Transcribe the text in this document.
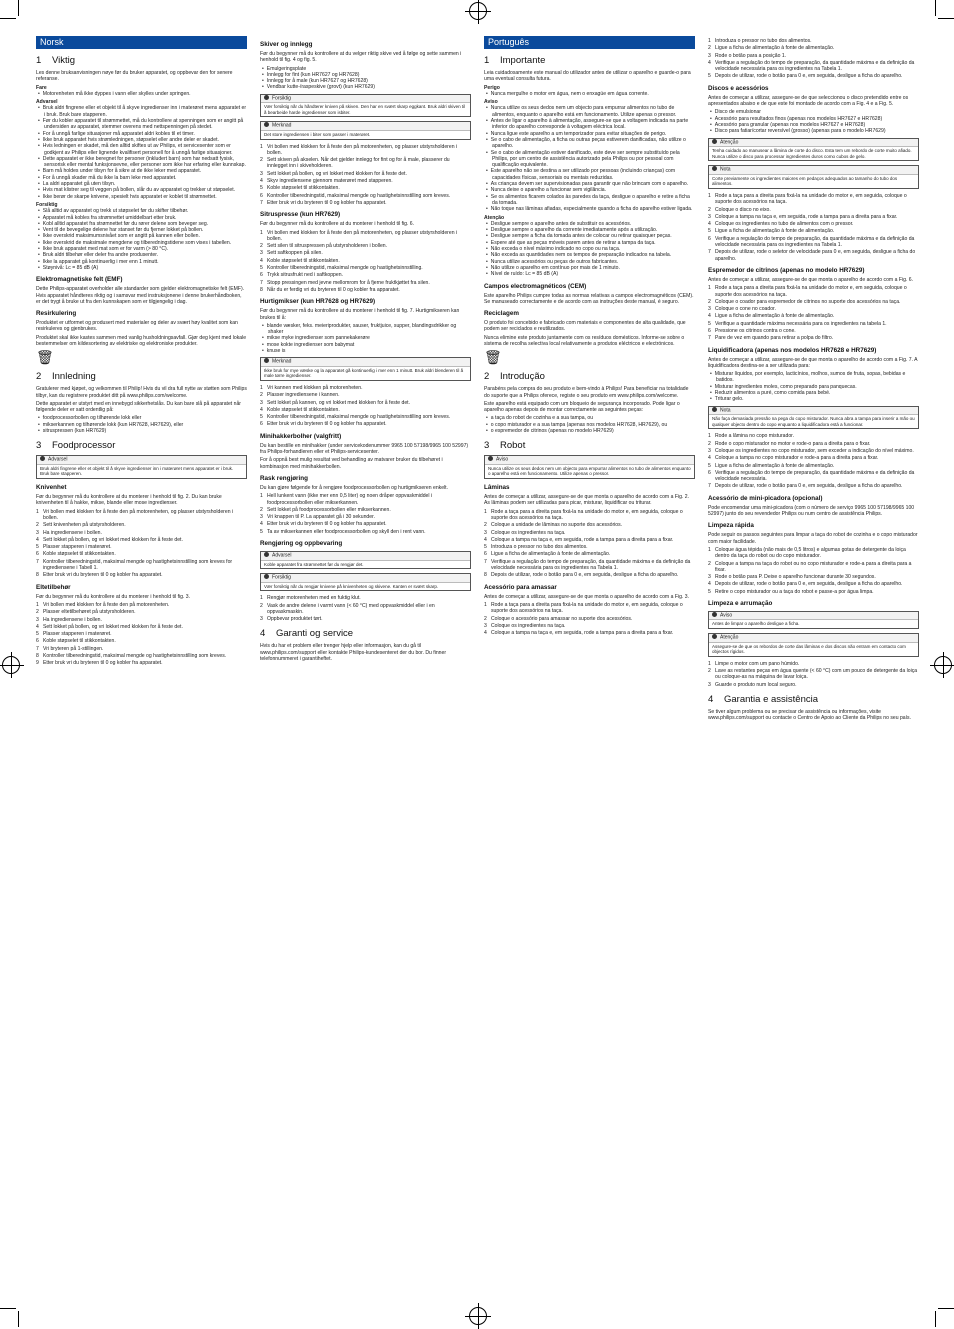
Norsk
1 Viktig

Les denne bruksanvisningen nøye før du bruker apparatet, og oppbevar den for senere referanse.

Fare
• Motorenheten må ikke dyppes i vann eller skylles under springen.
Advarsel
• Bruk aldri fingrene eller et objekt til å skyve ingredienser inn i materøret mens apparatet er i bruk. Bruk bare stapperen.
• Før du kobler apparatet til strømmettet, må du kontrollere at spenningen som er angitt på undersiden av apparatet, stemmer overens med nettspenningen på stedet.
• For å unngå farlige situasjoner må apparatet aldri kobles til et timer.
• Ikke bruk apparatet hvis strømledningen, støpselet eller andre deler er skadet.
• Hvis ledningen er skadet, må den alltid skiftes ut av Philips, et servicesenter som er godkjent av Philips eller lignende kvalifisert personell for å unngå farlige situasjoner.
• Dette apparatet er ikke beregnet for personer (inkludert barn) som har nedsatt fysisk, sensorisk eller mental funksjonsevne, eller personer som ikke har erfaring eller kunnskap.
• Barn må holdes under tilsyn for å sikre at de ikke leker med apparatet.
• For å unngå skader må du ikke la barn leke med apparatet.
• La aldri apparatet gå uten tilsyn.
• Hvis mat klistrer seg til veggen på bollen, slår du av apparatet og trekker ut støpselet.
• Ikke berør de skarpe knivene, spesielt hvis apparatet er koblet til strømnettet.
Forsiktig
• Slå alltid av apparatet og trekk ut støpselet før du skifter tilbehør.
• Apparatet må kobles fra strømnettet umiddelbart etter bruk.
• Kobl alltid apparatet fra strømnettet før du rører delene som beveger seg.
• Vent til de bevegelige delene har stanset før du fjerner lokket på bollen.
• Ikke overskrid maksimumsnivået som er angitt på kannen eller bollen.
• Ikke overskrid de maksimale mengdene og tilberedningstidene som vises i tabellen.
• Ikke bruk apparatet med mat som er for varm (> 80 °C).
• Bruk aldri tilbehør eller deler fra andre produsenter.
• Ikke la apparatet gå kontinuerlig i mer enn 1 minutt.
• Støynivå: Lc = 85 dB (A)
Elektromagnetiske felt (EMF)

Dette Philips-apparatet overholder alle standarder som gjelder elektromagnetiske felt (EMF). Hvis apparatet håndteres riktig og i samsvar med instruksjonene i denne brukerhåndboken, er det trygt å bruke ut fra den kunnskapen som er tilgjengelig i dag.

Resirkulering

Produktet er utformet og produsert med materialer og deler av svært høy kvalitet som kan resirkuleres og gjenbrukes.

Produktet skal ikke kastes sammen med vanlig husholdningsavfall. Gjør deg kjent med lokale bestemmelser om kildesortering av elektriske og elektroniske produkter.

🗑
2 Innledning

Gratulerer med kjøpet, og velkommen til Philip! Hvis du vil dra full nytte av støtten som Philips tilbyr, kan du registrere produktet ditt på www.philips.com/welcome.

Dette apparatet er utstyrt med en innebygd sikkerhetslås. Du kan bare slå på apparatet når følgende deler er satt ordentlig på:

• foodprocessorbollen og tilhørende lokk eller
• mikserkannen og tilhørende lokk (kun HR7628, HR7629), eller
• sitruspressen (kun HR7629)
3 Foodprocessor
Advarsel
Bruk aldri fingrene eller et objekt til å skyve ingredienser inn i materøret mens apparatet er i bruk. Bruk bare stapperen.
Knivenhet

Før du begynner må du kontrollere at du monterer i henhold til fig. 2. Du kan bruke knivenheten til å hakke, mikse, blande eller mose ingredienser.

1 Vri bollen med klokken for å feste den på motorenheten, og plasser utstyrsholderen i bollen.
2 Sett knivenheten på utstyrsholderen.
3 Ha ingrediensene i bollen.
4 Sett lokket på bollen, og vri lokket med klokken for å feste det.
5 Plasser stapperen i materøret.
6 Koble støpselet til stikkontakten.
7 Kontroller tilberedningstid, maksimal mengde og hastighetsinnstilling som kreves for ingrediensene i Tabell 1.
8 Etter bruk vri du bryteren til 0 og kobler fra apparatet.
Eltetilbehør

Før du begynner må du kontrollere at du monterer i henhold til fig. 3.

1 Vri bollen med klokken for å feste den på motorenheten.
2 Plasser eltetilbehøret på utstyrsholderen.
3 Ha ingrediensene i bollen.
4 Sett lokket på bollen, og vri lokket med klokken for å feste det.
5 Plasser stapperen i materøret.
6 Koble støpselet til stikkontakten.
7 Vri bryteren på 1-stillingen.
8 Kontroller tilberedningstid, maksimal mengde og hastighetsinnstilling som kreves.
9 Etter bruk vri du bryteren til 0 og kobler fra apparatet.
Skiver og innlegg

Før du begynner må du kontrollere at du velger riktig skive ved å følge og sette sammen i henhold til fig. 4 og fig. 5.

• Emulgeringsplate
• Innlegg for fint (kun HR7627 og HR7628)
• Innlegg for å male (kun HR7627 og HR7628)
• Vendbar kutte-/raspeskive (grovt) (kun HR7629)
Forsiktig
Vær forsiktig når du håndterer kniven på skiven. Den har en svært skarp eggkant. Bruk aldri skiven til å bearbeide harde ingredienser som isbiter.
Merknad
Det store ingrediensen i biter som passer i materøret.
1 Vri bollen med klokken for å feste den på motorenheten, og plasser utstyrsholderen i bollen.
2 Sett skiven på akselen. Når det gjelder innlegg for fint og for å male, plasserer du innlegget inn i skiveholderen.
3 Sett lokket på bollen, og vri lokket med klokken for å feste det.
4 Skyv ingrediensene gjennom materøret med stapperen.
5 Koble støpselet til stikkontakten.
6 Kontroller tilberedningstid, maksimal mengde og hastighetsinnstilling som kreves.
7 Etter bruk vri du bryteren til 0 og kobler fra apparatet.
Sitruspresse (kun HR7629)

Før du begynner må du kontrollere at du monterer i henhold til fig. 6.

1 Vri bollen med klokken for å feste den på motorenheten, og plasser utstyrsholderen i bollen.
2 Sett silen til sitruspressen på utstyrsholderen i bollen.
3 Sett saftkoppen på silen.
4 Koble støpselet til stikkontakten.
5 Kontroller tilberedningstid, maksimal mengde og hastighetsinnstilling.
6 Trykk sitrusfrukt ned i saftkoppen.
7 Stopp pressingen med jevne mellomrom for å fjerne fruktkjøttet fra silen.
8 Når du er ferdig vri du bryteren til 0 og kobler fra apparatet.
Hurtigmikser (kun HR7628 og HR7629)

Før du begynner må du kontrollere at du monterer i henhold til fig. 7. Hurtigmikseren kan brukes til å:

• blande væsker, feks. meieriprodukter, sauser, fruktjuice, supper, blandingsdrikker og shaker
• mikse myke ingredienser som pannekakerøre
• mose kokte ingredienser som babymat
• knuse is
Merknad
Ikke bruk for mye væske og la apparatet gå kontinuerlig i mer enn 1 minutt. Bruk aldri blenderen til å male tørre ingredienser.
1 Vri kannen med klokken på motorenheten.
2 Plasser ingrediensene i kannen.
3 Sett lokket på kannen, og vri lokket med klokken for å feste det.
4 Koble støpselet til stikkontakten.
5 Kontroller tilberedningstid, maksimal mengde og hastighetsinnstilling som kreves.
6 Etter bruk vri du bryteren til 0 og kobler fra apparatet.
Minihakkerbolher (valgfritt)

Du kan bestille en minihakker (under servicekodenummer 9965 100 57198/9965 100 52997) fra Philips-forhandleren eller et Philips-servicesenter.

For å oppnå best mulig resultat ved behandling av matvarer bruker du tilbehøret i kombinasjon med minihakkerbollen.

Rask rengjøring

Du kan gjøre følgende for å rengjøre foodprocessorbollen og hurtigmikseren enkelt.

1 Hell lunkent vann (ikke mer enn 0,5 liter) og noen dråper oppvaskmiddel i foodprocessorbollen eller mikserkannen.
2 Sett lokket på foodprocessorbollen eller mikserkannen.
3 Vri knappen til P. La apparatet gå i 30 sekunder.
4 Etter bruk vri du bryteren til 0 og kobler fra apparatet.
5 Ta av mikserkannen eller foodprocessorbollen og skyll den i rent vann.
Rengjøring og oppbevaring
Advarsel
Koble apparatet fra strømnettet før du rengjør det.
Forsiktig
Vær forsiktig når du rengjør knivene på knivenheten og skivene. Kanten er svært skarp.
1 Rengjør motorenheten med en fuktig klut.
2 Vask de andre delene i varmt vann (< 60 °C) med oppvaskmiddel eller i en oppvaskmaskin.
3 Oppbevar produktet tørt.
4 Garanti og service

Hvis du har et problem eller trenger hjelp eller informasjon, kan du gå til www.philips.com/support eller kontakte Philips-kundesenteret der du bor. Du finner telefonnummeret i garantiheftet.

Português
1 Importante

Leia cuidadosamente este manual do utilizador antes de utilizar o aparelho e guarde-o para uma eventual consulta futura.

Perigo
• Nunca mergulhe o motor em água, nem o enxagúe em água corrente.
Aviso
• Nunca utilize os seus dedos nem um objecto para empurrar alimentos no tubo de alimentos, enquanto o aparelho está em funcionamento. Utilize apenas o pressor.
• Antes de ligar o aparelho à alimentação, assegure-se que a voltagem indicada na parte inferior do aparelho corresponde à voltagem eléctrica local.
• Nunca ligue este aparelho a um temporizador para evitar situações de perigo.
• Se o cabo de alimentação, a ficha ou outras peças estiverem danificadas, não utilize o aparelho.
• Se o cabo de alimentação estiver danificado, este deve ser sempre substituído pela Philips, por um centro de assistência autorizado pela Philips ou por pessoal com qualificação equivalente.
• Este aparelho não se destina a ser utilizado por pessoas (incluindo crianças) com capacidades físicas, sensoriais ou mentais reduzidas.
• As crianças devem ser supervisionadas para garantir que não brincam com o aparelho.
• Nunca deixe o aparelho a funcionar sem vigilância.
• Se os alimentos ficarem colados às paredes da taça, desligue o aparelho e retire a ficha da tomada.
• Não toque nas lâminas afiadas, especialmente quando a ficha do aparelho estiver ligada.
Atenção
• Desligue sempre o aparelho antes de substituir os acessórios.
• Desligue sempre o aparelho da corrente imediatamente após a utilização.
• Desligue sempre a ficha da tomada antes de colocar ou retirar quaisquer peças.
• Espere até que as peças móveis parem antes de retirar a tampa da taça.
• Não exceda o nível máximo indicado no copo ou na taça.
• Não exceda as quantidades nem os tempos de preparação indicados na tabela.
• Nunca utilize acessórios ou peças de outros fabricantes.
• Não utilize o aparelho em contínuo por mais de 1 minuto.
• Nível de ruído: Lc = 85 dB (A)
Campos electromagnéticos (CEM)

Este aparelho Philips cumpre todas as normas relativas a campos electromagnéticos (CEM). Se manuseado correctamente e de acordo com as instruções deste manual, é seguro.

Reciclagem

O produto foi concebido e fabricado com materiais e componentes de alta qualidade, que podem ser reciclados e reutilizados.

Nunca elimine este produto juntamente com os resíduos domésticos. Informe-se sobre o sistema de recolha selectiva local relativamente a produtos eléctricos e electrónicos.

🗑
2 Introdução

Parabéns pela compra do seu produto e bem-vindo à Philips! Para beneficiar na totalidade do suporte que a Philips oferece, registe o seu produto em www.philips.com/welcome.

Este aparelho está equipado com um bloqueio de segurança incorporado. Pode ligar o aparelho apenas depois de montar correctamente as seguintes peças:

• a taça do robot de cozinha e a sua tampa, ou
• o copo misturador e a sua tampa (apenas nos modelos HR7628, HR7629), ou
• o espremedor de citrinos (apenas no modelo HR7629)
3 Robot
Aviso
Nunca utilize os seus dedos nem um objecto para empurrar alimentos no tubo de alimentos enquanto o aparelho está em funcionamento. Utilize apenas o pressor.
Lâminas

Antes de começar a utilizar, assegure-se de que monta o aparelho de acordo com a Fig. 2. As lâminas podem ser utilizadas para picar, misturar, liquidificar ou triturar.

1 Rode a taça para a direita para fixá-la na unidade do motor e, em seguida, coloque o suporte dos acessórios na taça.
2 Coloque a unidade de lâminas no suporte dos acessórios.
3 Coloque os ingredientes na taça.
4 Coloque a tampa na taça e, em seguida, rode a tampa para a direita para a fixar.
5 Introduza o pressor no tubo dos alimentos.
6 Ligue a ficha de alimentação à fonte de alimentação.
7 Verifique a regulação do tempo de preparação, da quantidade máxima e da definição da velocidade necessária para os ingredientes na Tabela 1.
8 Depois de utilizar, rode o botão para 0 e, em seguida, desligue a ficha do aparelho.
Acessório para amassar

Antes de começar a utilizar, assegure-se de que monta o aparelho de acordo com a Fig. 3.

1 Rode a taça para a direita para fixá-la na unidade do motor e, em seguida, coloque o suporte dos acessórios na taça.
2 Coloque o acessório para amassar no suporte dos acessórios.
3 Coloque os ingredientes na taça.
4 Coloque a tampa na taça e, em seguida, rode a tampa para a direita para a fixar.
1 Introduza o pressor no tubo dos alimentos.
2 Ligue a ficha de alimentação à fonte de alimentação.
3 Rode o botão para a posição 1.
4 Verifique a regulação do tempo de preparação, da quantidade máxima e da definição da velocidade necessária para os ingredientes na Tabela 1.
5 Depois de utilizar, rode o botão para 0 e, em seguida, desligue a ficha do aparelho.
Discos e acessórios

Antes de começar a utilizar, assegure-se de que seleccionou o disco pretendido entre os apresentados abaixo e de que este foi montado de acordo com a Fig. 4 e a Fig. 5.

• Disco de emulsionar
• Acessório para resultados finos (apenas nos modelos HR7627 e HR7628)
• Acessório para granular (apenas nos modelos HR7627 e HR7628)
• Disco para fatiar/cortar reversível (grosso) (apenas para o modelo HR7629)
Atenção
Tenha cuidado ao manusear a lâmina de corte do disco. Esta tem um rebordo de corte muito afiado. Nunca utilize o disco para processar ingredientes duros como cubos de gelo.
Nota
Corte previamente os ingredientes maiores em pedaços adequados ao tamanho do tubo dos alimentos.
1 Rode a taça para a direita para fixá-la na unidade do motor e, em seguida, coloque o suporte dos acessórios na taça.
2 Coloque o disco no eixo.
3 Coloque a tampa na taça e, em seguida, rode a tampa para a direita para a fixar.
4 Coloque os ingredientes no tubo de alimentos com o pressor.
5 Ligue a ficha de alimentação à fonte de alimentação.
6 Verifique a regulação do tempo de preparação, da quantidade máxima e da definição da velocidade necessária para os ingredientes na Tabela 1.
7 Depois de utilizar, rode o seletor de velocidade para 0 e, em seguida, desligue a ficha do aparelho.
Espremedor de citrinos (apenas no modelo HR7629)

Antes de começar a utilizar, assegure-se de que monta o aparelho de acordo com a Fig. 6.

1 Rode a taça para a direita para fixá-la na unidade do motor e, em seguida, coloque o suporte dos acessórios na taça.
2 Coloque o coador para espremedor de citrinos no suporte dos acessórios na taça.
3 Coloque o cone no coador.
4 Ligue a ficha de alimentação à fonte de alimentação.
5 Verifique a quantidade máxima necessária para os ingredientes na tabela 1.
6 Pressione os citrinos contra o cone.
7 Pare de vez em quando para retirar a polpa do filtro.
Liquidificadora (apenas nos modelos HR7628 e HR7629)

Antes de começar a utilizar, assegure-se de que monta o aparelho de acordo com a Fig. 7. A liquidificadora destina-se a ser utilizada para:

• Misturar líquidos, por exemplo, lacticínios, molhos, sumos de fruta, sopas, bebidas e batidos.
• Misturar ingredientes moles, como preparado para panquecas.
• Reduzir alimentos a puré, como comida para bebé.
• Triturar gelo.
Nota
Não faça demasiada pressão na pega do copo misturador. Nunca abra a tampa para inserir a mão ou qualquer objecto dentro do copo enquanto a liquidificadora está a funcionar.
1 Rode a lâmina no copo misturador.
2 Rode o copo misturador no motor e rode-o para a direita para o fixar.
3 Coloque os ingredientes no copo misturador, sem exceder a indicação do nível máximo.
4 Coloque a tampa no copo misturador e rode-a para a direita para a fixar.
5 Ligue a ficha de alimentação à fonte de alimentação.
6 Verifique a regulação do tempo de preparação, da quantidade máxima e da definição da velocidade necessária.
7 Depois de utilizar, rode o botão para 0 e, em seguida, desligue a ficha do aparelho.
Acessório de mini-picadora (opcional)

Pode encomendar uma mini-picadora (com o número de serviço 9965 100 57198/9965 100 52997) junto do seu revendedor Philips ou num centro de assistência Philips.

Limpeza rápida

Pode seguir os passos seguintes para limpar a taça do robot de cozinha e o copo misturador com maior facilidade.

1 Coloque água tépida (não mais de 0,5 litros) e algumas gotas de detergente da loiça dentro da taça do robot ou do copo misturador.
2 Coloque a tampa na taça do robot ou no copo misturador e rode-a para a direita para a fixar.
3 Rode o botão para P. Deixe o aparelho funcionar durante 30 segundos.
4 Depois de utilizar, rode o botão para 0 e, em seguida, desligue a ficha do aparelho.
5 Retire o copo misturador ou a taça do robot e passe-a por água limpa.
Limpeza e arrumação
Aviso
Antes de limpar o aparelho desligue a ficha.
Atenção
Assegure-se de que os rebordos de corte das lâminas e dos discos não entram em contacto com objectos rígidos.
1 Limpe o motor com um pano húmido.
2 Lave as restantes peças em água quente (< 60 °C) com um pouco de detergente da loiça ou coloque-as na máquina de lavar loiça.
3 Guarde o produto num local seguro.
4 Garantia e assistência

Se tiver algum problema ou se precisar de assistência ou informações, visite www.philips.com/support ou contacte o Centro de Apoio ao Cliente da Philips no seu país.
